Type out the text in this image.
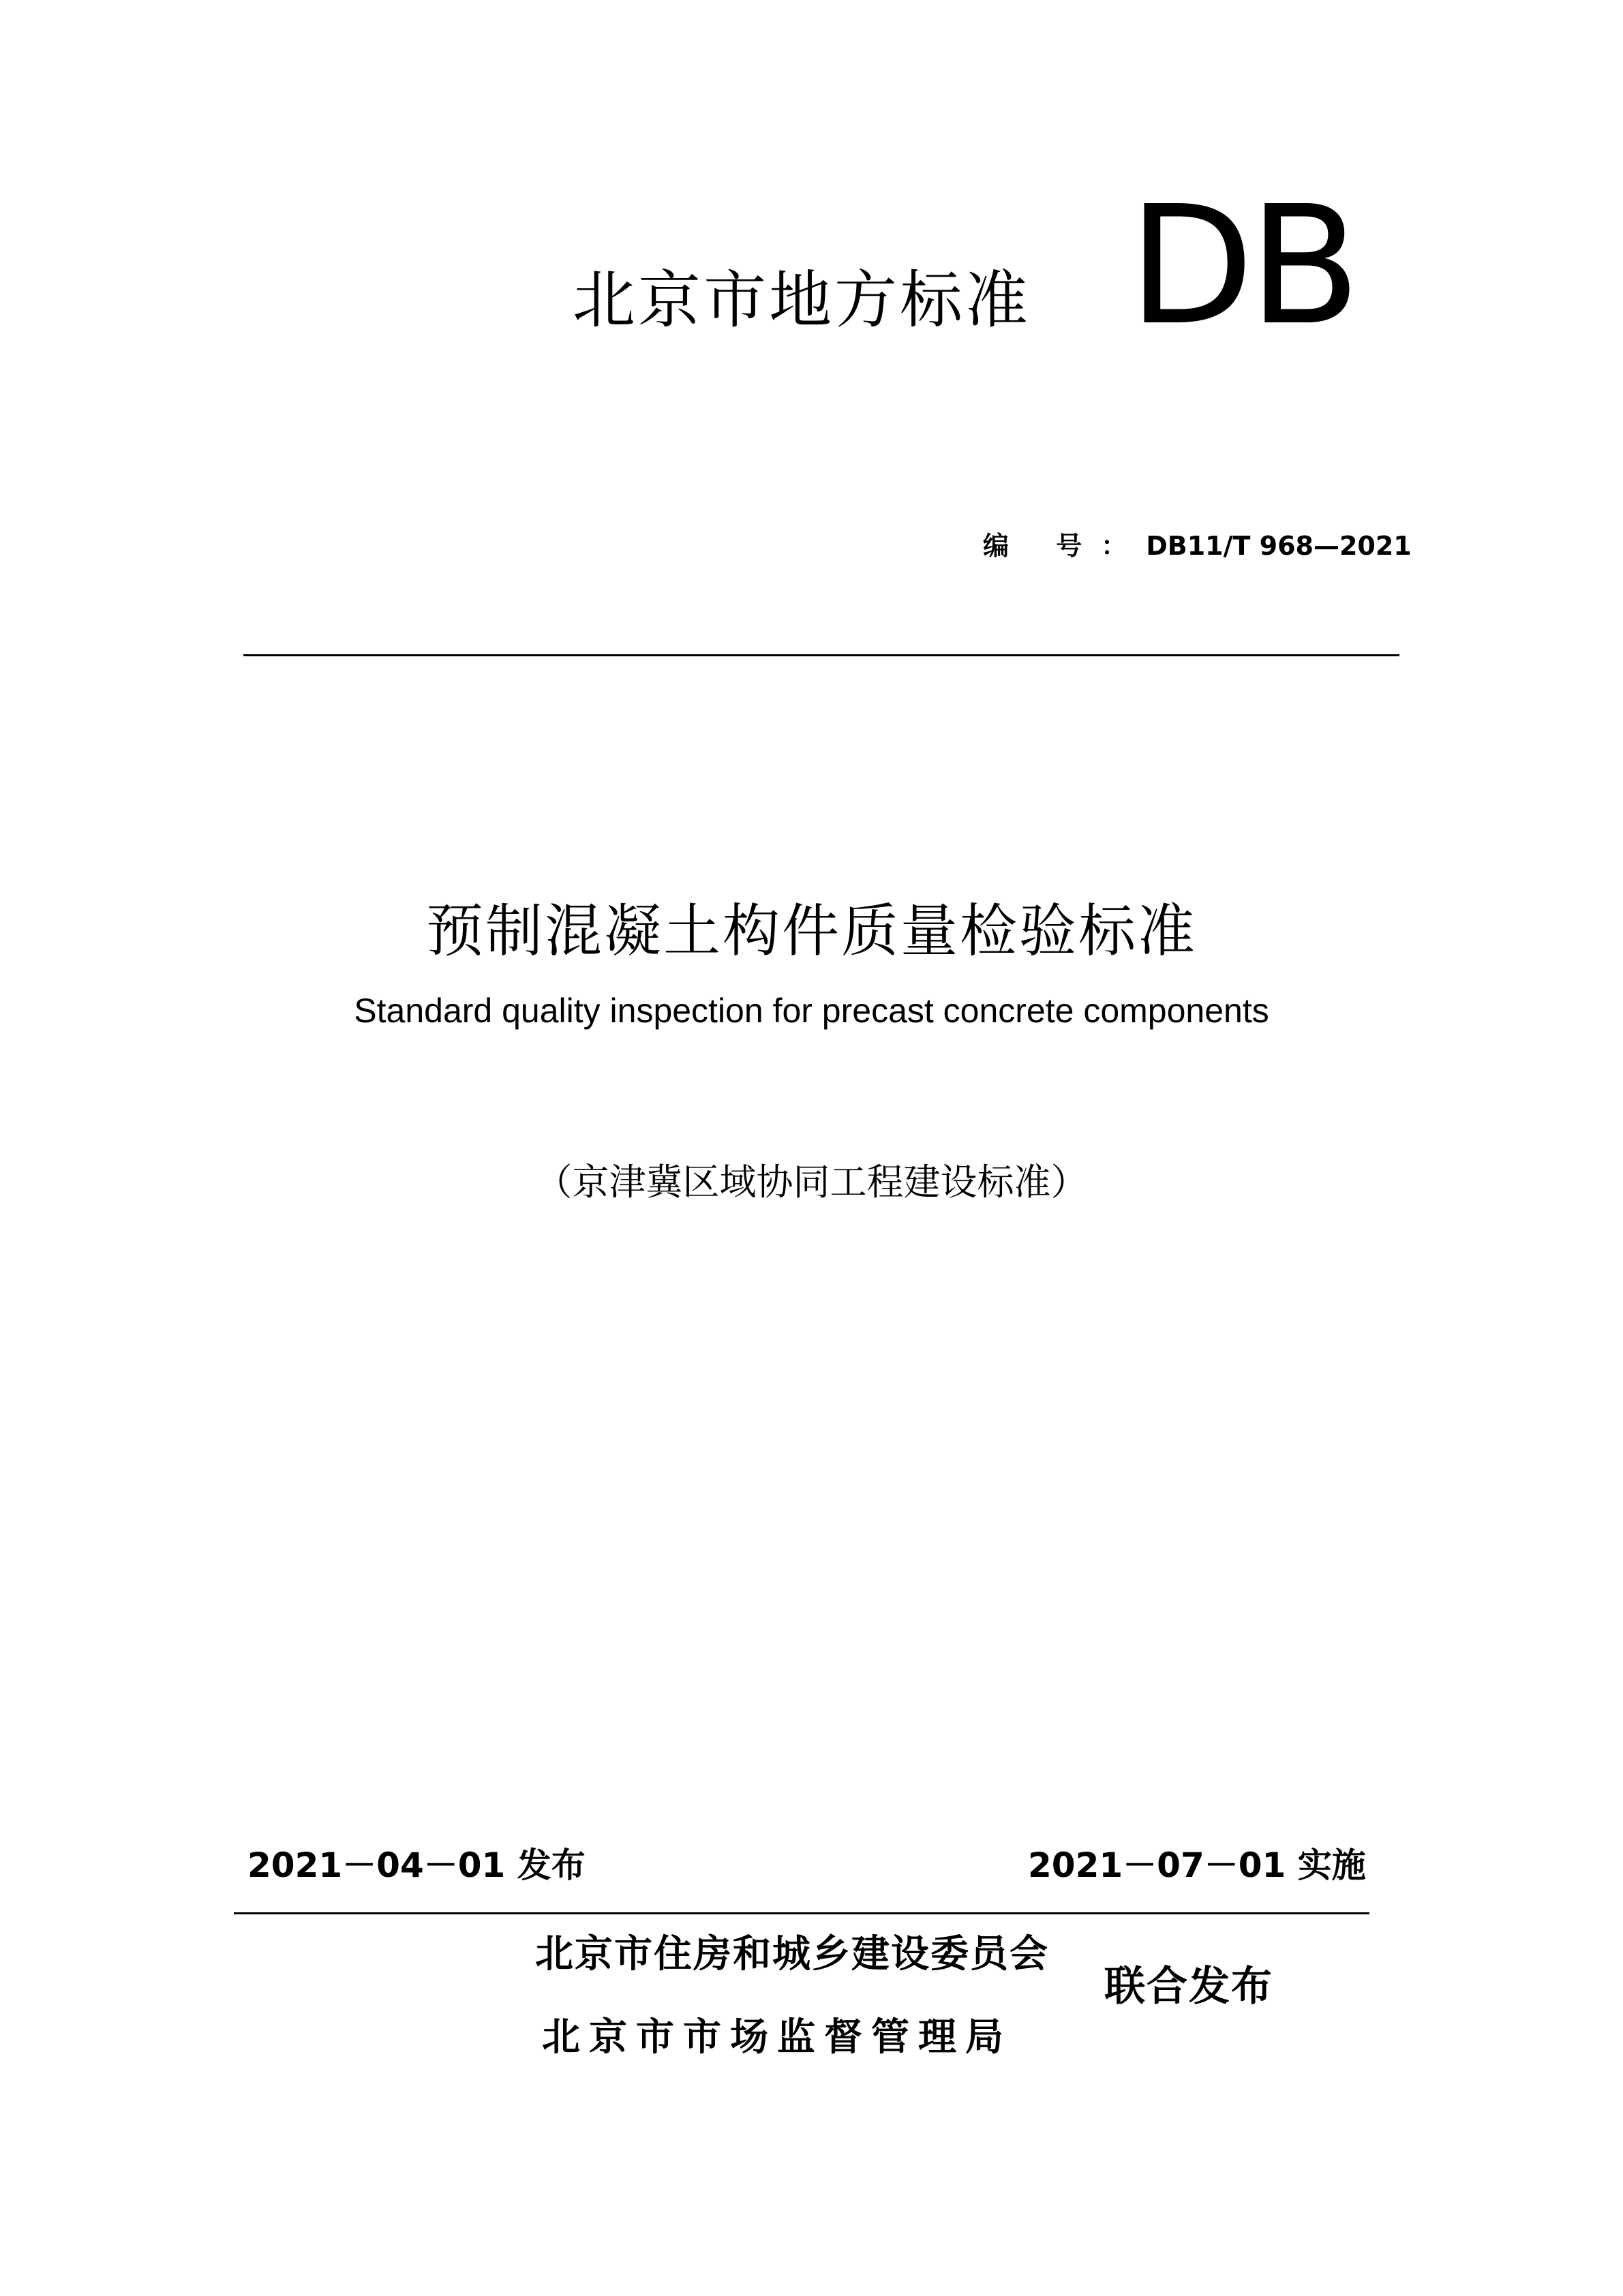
北京市地方标准 DB
编 号：DB11/T 968—2021
预制混凝土构件质量检验标准
Standard quality inspection for precast concrete components
（京津冀区域协同工程建设标准）
2021－04－01 发布	2021－07－01 实施
北京市住房和城乡建设委员会
北京市市场监督管理局
联合发布
